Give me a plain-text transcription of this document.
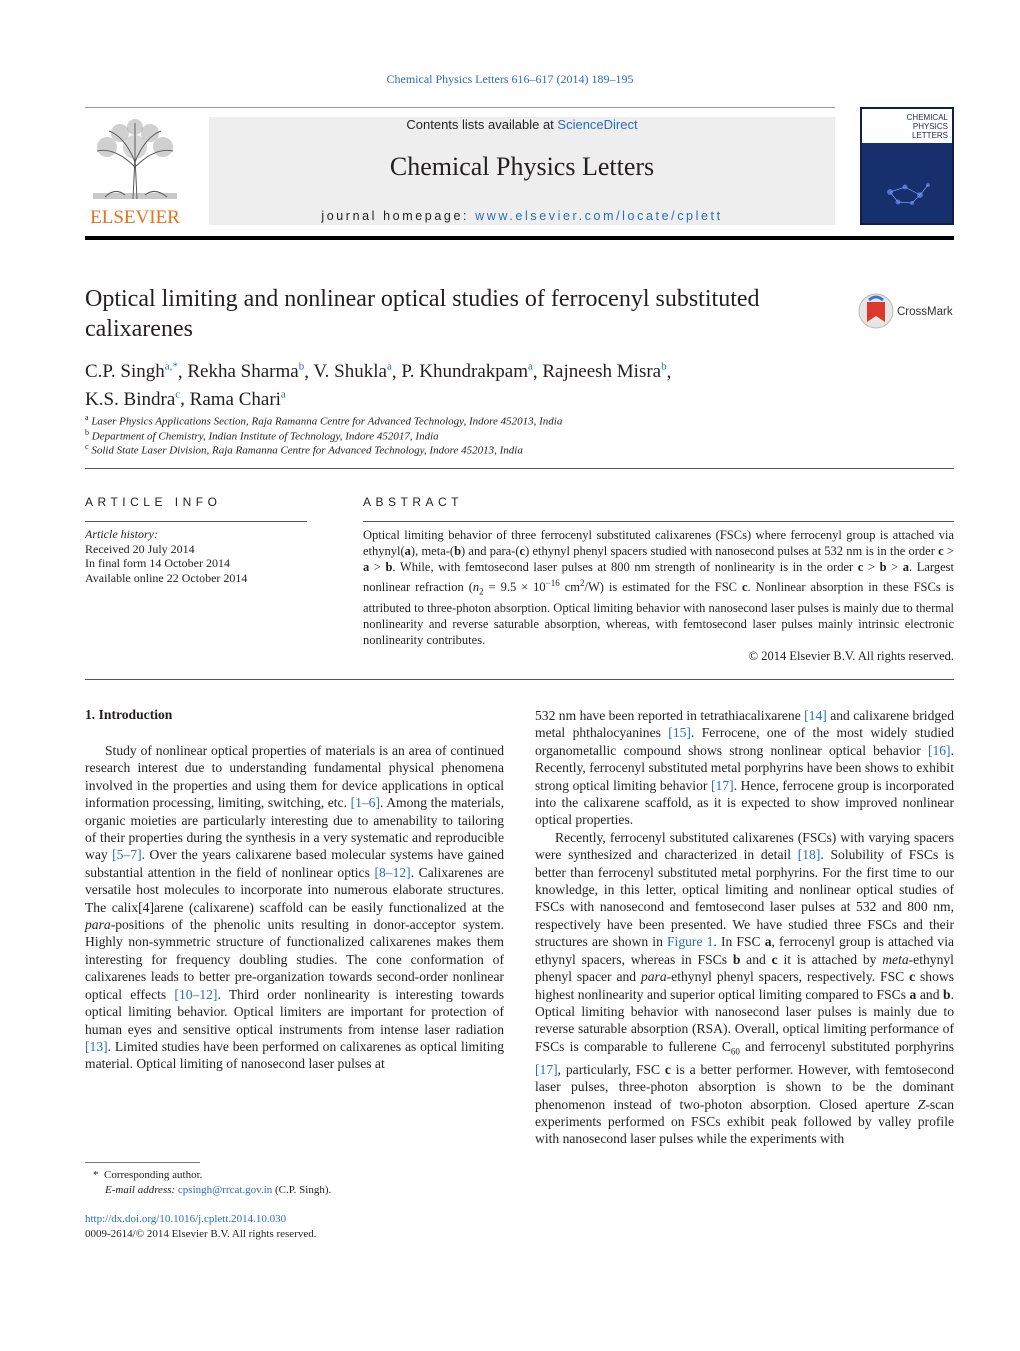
Chemical Physics Letters 616–617 (2014) 189–195
ELSEVIER
Contents lists available at ScienceDirect
Chemical Physics Letters
journal homepage: www.elsevier.com/locate/cplett
CHEMICAL
PHYSICS
LETTERS
Optical limiting and nonlinear optical studies of ferrocenyl substituted calixarenes
CrossMark
C.P. Singh$^{a,*}$, Rekha Sharma$^b$, V. Shukla$^a$, P. Khundrakpam$^a$, Rajneesh Misra$^b$,
K.S. Bindra$^c$, Rama Chari$^a$
$^a$ Laser Physics Applications Section, Raja Ramanna Centre for Advanced Technology, Indore 452013, India
$^b$ Department of Chemistry, Indian Institute of Technology, Indore 452017, India
$^c$ Solid State Laser Division, Raja Ramanna Centre for Advanced Technology, Indore 452013, India
ARTICLE INFO
Article history:
Received 20 July 2014
In final form 14 October 2014
Available online 22 October 2014
ABSTRACT
Optical limiting behavior of three ferrocenyl substituted calixarenes (FSCs) where ferrocenyl group is attached via ethynyl(a), meta-(b) and para-(c) ethynyl phenyl spacers studied with nanosecond pulses at 532 nm is in the order c > a > b. While, with femtosecond laser pulses at 800 nm strength of nonlinearity is in the order c > b > a. Largest nonlinear refraction ($n_2 = 9.5 \times 10^{-16}$ $cm^2/W$) is estimated for the FSC c. Nonlinear absorption in these FSCs is attributed to three-photon absorption. Optical limiting behavior with nanosecond laser pulses is mainly due to thermal nonlinearity and reverse saturable absorption, whereas, with femtosecond laser pulses mainly intrinsic electronic nonlinearity contributes.
© 2014 Elsevier B.V. All rights reserved.
1. Introduction

Study of nonlinear optical properties of materials is an area of continued research interest due to understanding fundamental physical phenomena involved in the properties and using them for device applications in optical information processing, limiting, switching, etc. [1–6]. Among the materials, organic moieties are particularly interesting due to amenability to tailoring of their properties during the synthesis in a very systematic and reproducible way [5–7]. Over the years calixarene based molecular systems have gained substantial attention in the field of nonlinear optics [8–12]. Calixarenes are versatile host molecules to incorporate into numerous elaborate structures. The calix[4]arene (calixarene) scaffold can be easily functionalized at the para-positions of the phenolic units resulting in donor-acceptor system. Highly non-symmetric structure of functionalized calixarenes makes them interesting for frequency doubling studies. The cone conformation of calixarenes leads to better pre-organization towards second-order nonlinear optical effects [10–12]. Third order nonlinearity is interesting towards optical limiting behavior. Optical limiters are important for protection of human eyes and sensitive optical instruments from intense laser radiation [13]. Limited studies have been performed on calixarenes as optical limiting material. Optical limiting of nanosecond laser pulses at

*  Corresponding author.
E-mail address: cpsingh@rrcat.gov.in (C.P. Singh).
http://dx.doi.org/10.1016/j.cplett.2014.10.030
0009-2614/© 2014 Elsevier B.V. All rights reserved.

532 nm have been reported in tetrathiacalixarene [14] and calixarene bridged metal phthalocyanines [15]. Ferrocene, one of the most widely studied organometallic compound shows strong nonlinear optical behavior [16]. Recently, ferrocenyl substituted metal porphyrins have been shows to exhibit strong optical limiting behavior [17]. Hence, ferrocene group is incorporated into the calixarene scaffold, as it is expected to show improved nonlinear optical properties.

Recently, ferrocenyl substituted calixarenes (FSCs) with varying spacers were synthesized and characterized in detail [18]. Solubility of FSCs is better than ferrocenyl substituted metal porphyrins. For the first time to our knowledge, in this letter, optical limiting and nonlinear optical studies of FSCs with nanosecond and femtosecond laser pulses at 532 and 800 nm, respectively have been presented. We have studied three FSCs and their structures are shown in Figure 1. In FSC a, ferrocenyl group is attached via ethynyl spacers, whereas in FSCs b and c it is attached by meta-ethynyl phenyl spacer and para-ethynyl phenyl spacers, respectively. FSC c shows highest nonlinearity and superior optical limiting compared to FSCs a and b. Optical limiting behavior with nanosecond laser pulses is mainly due to reverse saturable absorption (RSA). Overall, optical limiting performance of FSCs is comparable to fullerene $C_{60}$ and ferrocenyl substituted porphyrins [17], particularly, FSC c is a better performer. However, with femtosecond laser pulses, three-photon absorption is shown to be the dominant phenomenon instead of two-photon absorption. Closed aperture Z-scan experiments performed on FSCs exhibit peak followed by valley profile with nanosecond laser pulses while the experiments with
